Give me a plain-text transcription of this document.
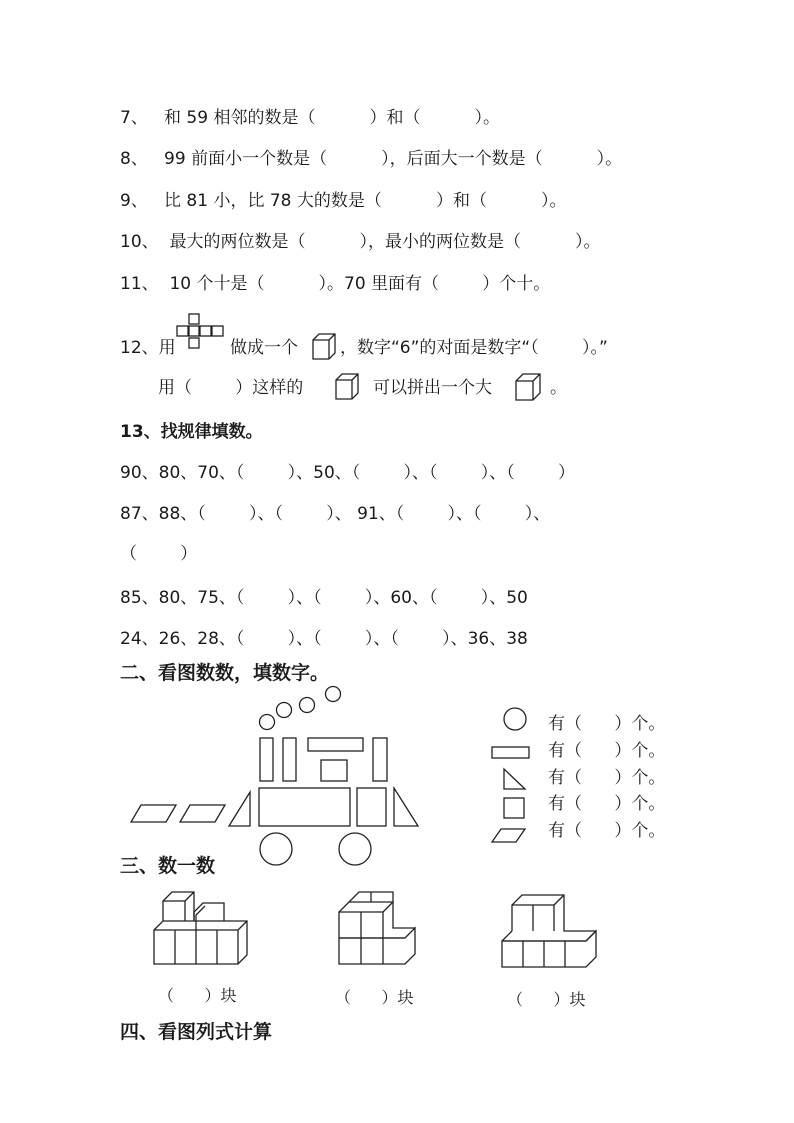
7、   和 59 相邻的数是（          ）和（          ）。
8、   99 前面小一个数是（          ），后面大一个数是（          ）。
9、   比 81 小，比 78 大的数是（          ）和（          ）。
10、  最大的两位数是（          ），最小的两位数是（          ）。
11、  10 个十是（          ）。70 里面有（        ）个十。
12、用	做成一个 ，数字“6”的对面是数字“（        ）。”
用（        ）这样的	可以拼出一个大	。
13、找规律填数。
90、80、70、（        ）、50、（        ）、（        ）、（        ）
87、88、（        ）、（        ）、 91、（        ）、（        ）、
（        ）
85、80、75、（        ）、（        ）、60、（        ）、50
24、26、28、（        ）、（        ）、（        ）、36、38
二、看图数数，填数字。
有（      ）个。
有（      ）个。
有（      ）个。
有（      ）个。
有（      ）个。
三、数一数
（      ）块	（      ）块	（      ）块
四、看图列式计算
